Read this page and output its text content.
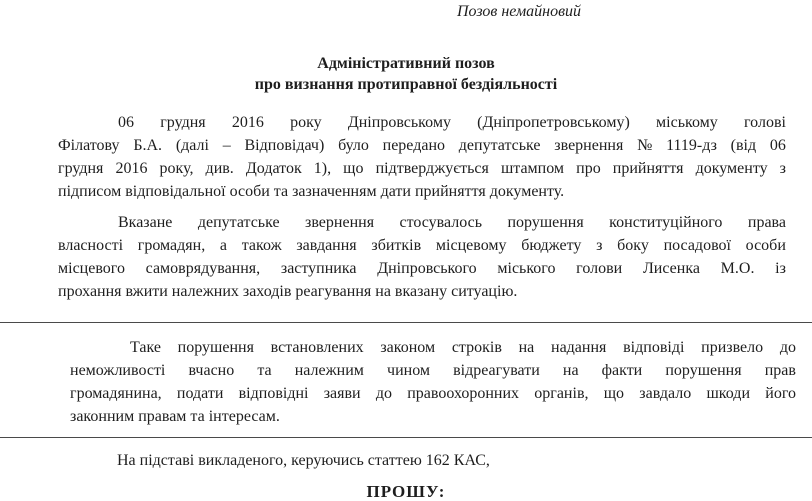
Позов немайновий
Адміністративний позов
про визнання протиправної бездіяльності
06 грудня 2016 року Дніпровському (Дніпропетровському) міському голові
Філатову Б.А. (далі – Відповідач) було передано депутатське звернення № 1119-дз (від 06
грудня 2016 року, див. Додаток 1), що підтверджується штампом про прийняття документу з
підписом відповідальної особи та зазначенням дати прийняття документу.
Вказане депутатське звернення стосувалось порушення конституційного права
власності громадян, а також завдання збитків місцевому бюджету з боку посадової особи
місцевого самоврядування, заступника Дніпровського міського голови Лисенка М.О. із
прохання вжити належних заходів реагування на вказану ситуацію.
Таке порушення встановлених законом строків на надання відповіді призвело до
неможливості вчасно та належним чином відреагувати на факти порушення прав
громадянина, подати відповідні заяви до правоохоронних органів, що завдало шкоди його
законним правам та інтересам.
На підставі викладеного, керуючись статтею 162 КАС,
ПРОШУ:
